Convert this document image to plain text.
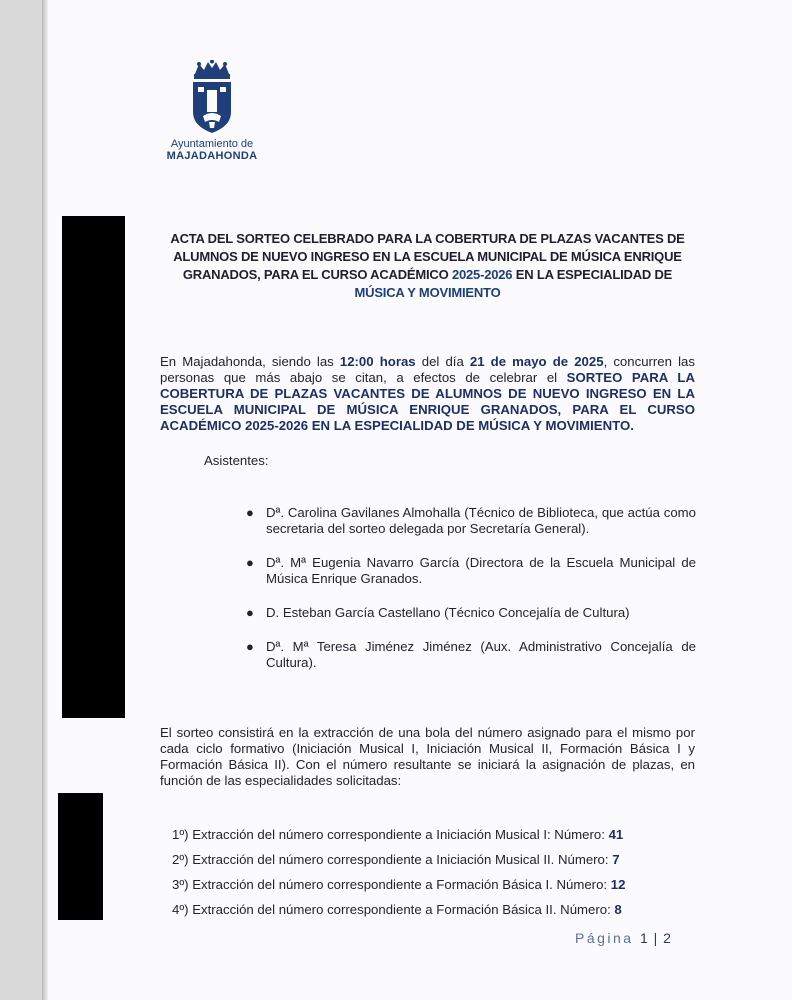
Ayuntamiento de
MAJADAHONDA
ACTA DEL SORTEO CELEBRADO PARA LA COBERTURA DE PLAZAS VACANTES DE ALUMNOS DE NUEVO INGRESO EN LA ESCUELA MUNICIPAL DE MÚSICA ENRIQUE GRANADOS, PARA EL CURSO ACADÉMICO 2025-2026 EN LA ESPECIALIDAD DE
MÚSICA Y MOVIMIENTO
En Majadahonda, siendo las 12:00 horas del día 21 de mayo de 2025, concurren las personas que más abajo se citan, a efectos de celebrar el SORTEO PARA LA COBERTURA DE PLAZAS VACANTES DE ALUMNOS DE NUEVO INGRESO EN LA ESCUELA MUNICIPAL DE MÚSICA ENRIQUE GRANADOS, PARA EL CURSO ACADÉMICO 2025-2026 EN LA ESPECIALIDAD DE MÚSICA Y MOVIMIENTO.
Asistentes:
● Dª. Carolina Gavilanes Almohalla (Técnico de Biblioteca, que actúa como secretaria del sorteo delegada por Secretaría General).
● Dª. Mª Eugenia Navarro García (Directora de la Escuela Municipal de Música Enrique Granados.
● D. Esteban García Castellano (Técnico Concejalía de Cultura)
● Dª. Mª Teresa Jiménez Jiménez (Aux. Administrativo Concejalía de Cultura).
El sorteo consistirá en la extracción de una bola del número asignado para el mismo por cada ciclo formativo (Iniciación Musical I, Iniciación Musical II, Formación Básica I y Formación Básica II). Con el número resultante se iniciará la asignación de plazas, en función de las especialidades solicitadas:
1º) Extracción del número correspondiente a Iniciación Musical I: Número: 41
2º) Extracción del número correspondiente a Iniciación Musical II. Número: 7
3º) Extracción del número correspondiente a Formación Básica I. Número: 12
4º) Extracción del número correspondiente a Formación Básica II. Número: 8
Página 1 | 2
